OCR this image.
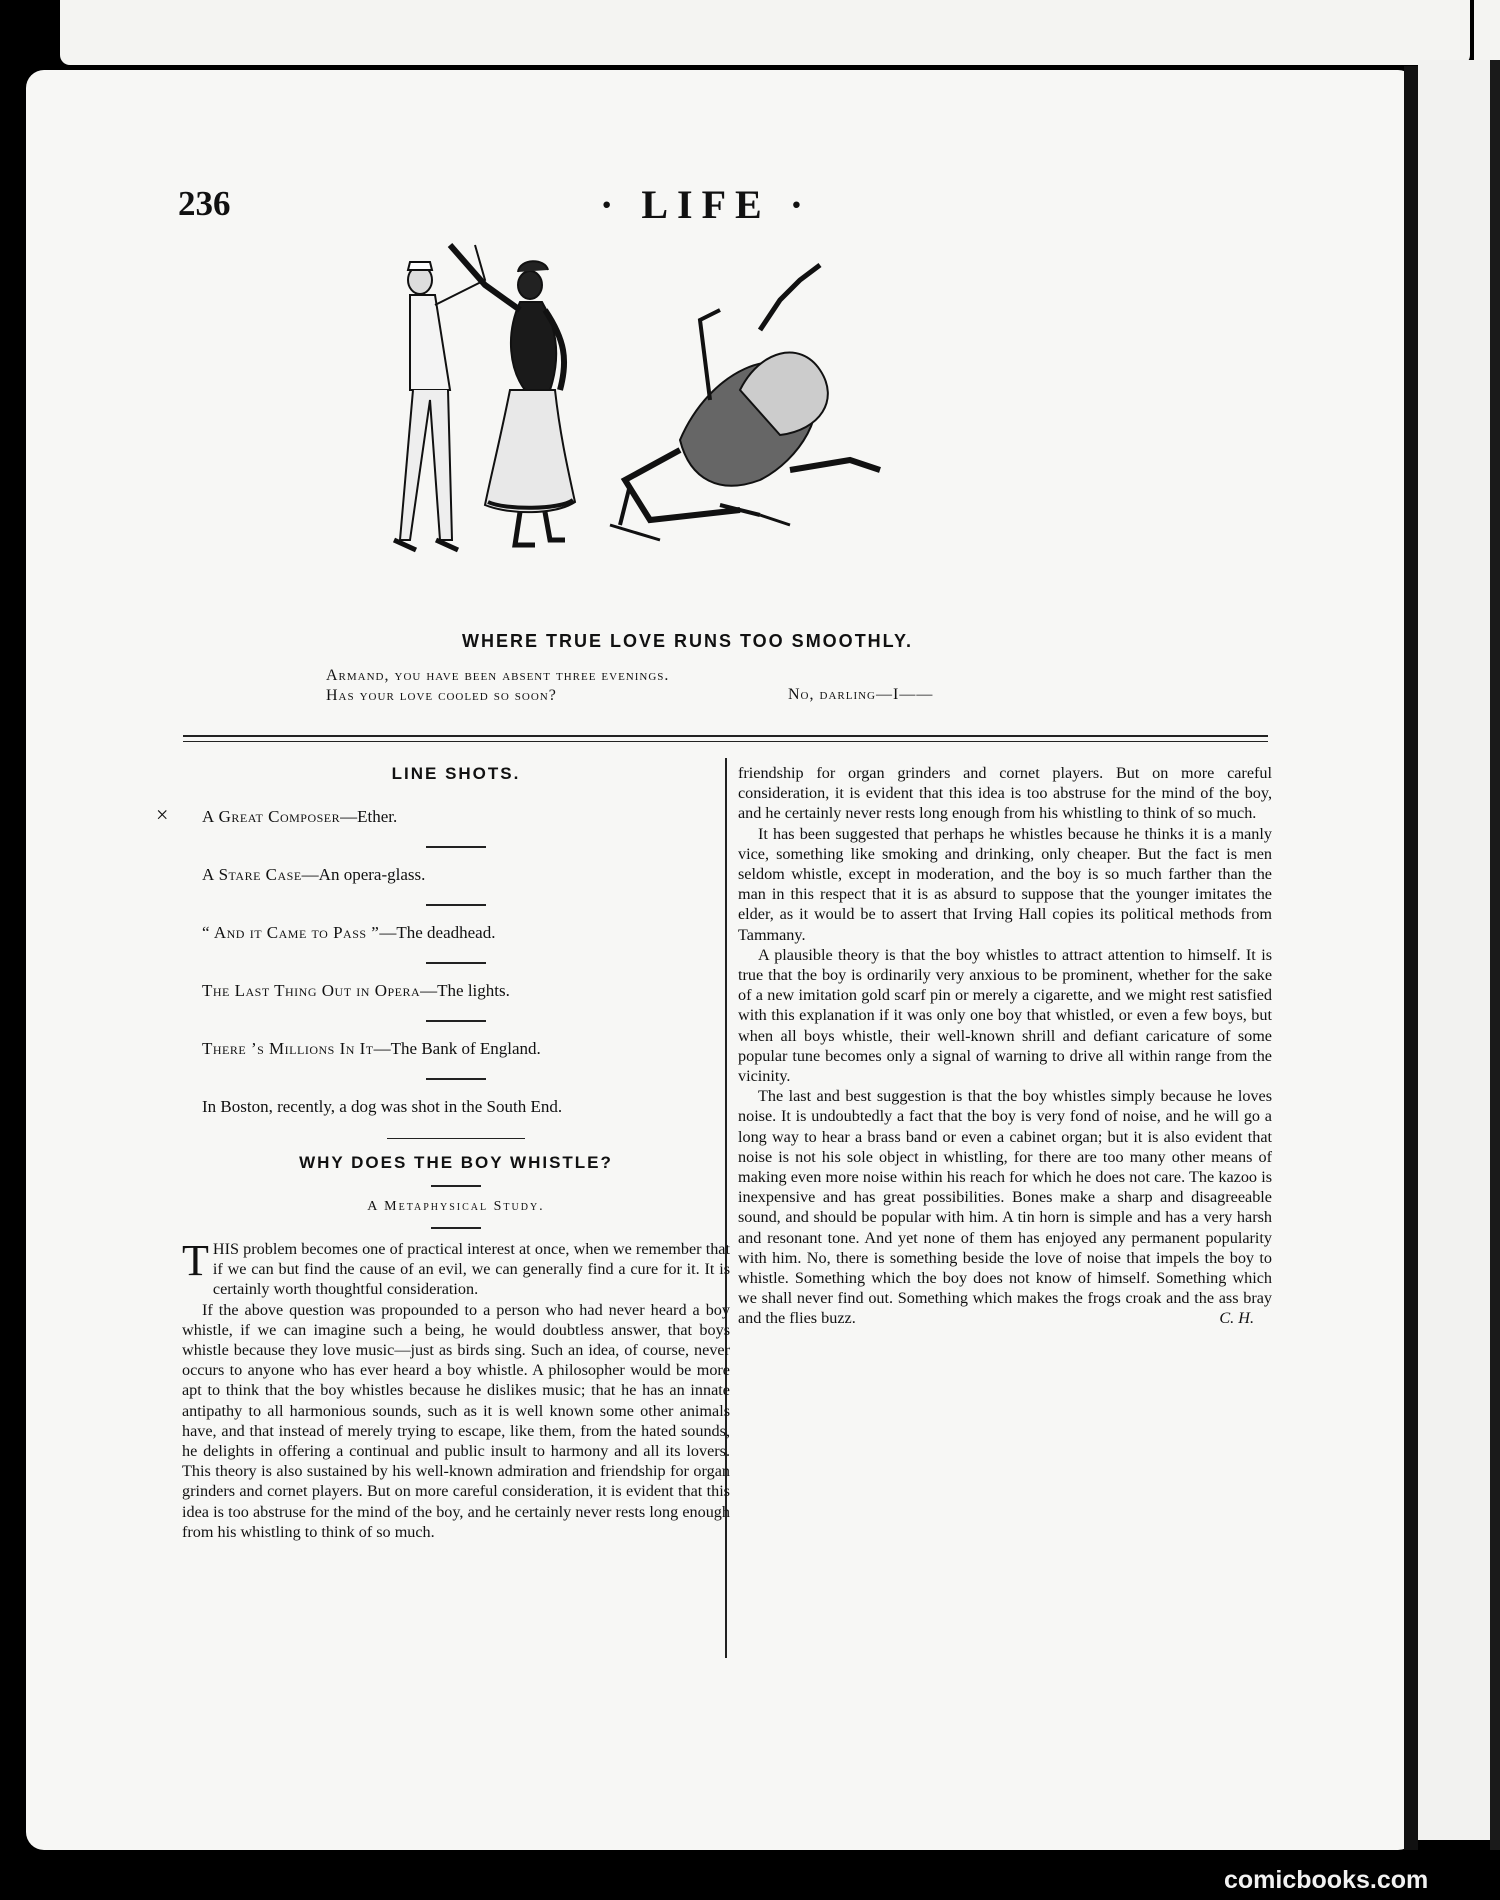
236	· LIFE ·
WHERE TRUE LOVE RUNS TOO SMOOTHLY.
Armand, you have been absent three evenings. Has your love cooled so soon?	No, darling—I——
LINE SHOTS.
×	A Great Composer—Ether.
A Stare Case—An opera-glass.
“ And it Came to Pass ”—The deadhead.
The Last Thing Out in Opera—The lights.
There ’s Millions In It—The Bank of England.
In Boston, recently, a dog was shot in the South End.
WHY DOES THE BOY WHISTLE?
A Metaphysical Study.

THIS problem becomes one of practical interest at once, when we remember that if we can but find the cause of an evil, we can generally find a cure for it. It is certainly worth thoughtful consideration.

If the above question was propounded to a person who had never heard a boy whistle, if we can imagine such a being, he would doubtless answer, that boys whistle because they love music—just as birds sing. Such an idea, of course, never occurs to anyone who has ever heard a boy whistle. A philosopher would be more apt to think that the boy whistles because he dislikes music; that he has an innate antipathy to all harmonious sounds, such as it is well known some other animals have, and that instead of merely trying to escape, like them, from the hated sounds, he delights in offering a continual and public insult to harmony and all its lovers. This theory is also sustained by his well-known admiration and friendship for organ grinders and cornet players. But on more careful consideration, it is evident that this idea is too abstruse for the mind of the boy, and he certainly never rests long enough from his whistling to think of so much.

friendship for organ grinders and cornet players. But on more careful consideration, it is evident that this idea is too abstruse for the mind of the boy, and he certainly never rests long enough from his whistling to think of so much.

It has been suggested that perhaps he whistles because he thinks it is a manly vice, something like smoking and drinking, only cheaper. But the fact is men seldom whistle, except in moderation, and the boy is so much farther than the man in this respect that it is as absurd to suppose that the younger imitates the elder, as it would be to assert that Irving Hall copies its political methods from Tammany.

A plausible theory is that the boy whistles to attract attention to himself. It is true that the boy is ordinarily very anxious to be prominent, whether for the sake of a new imitation gold scarf pin or merely a cigarette, and we might rest satisfied with this explanation if it was only one boy that whistled, or even a few boys, but when all boys whistle, their well-known shrill and defiant caricature of some popular tune becomes only a signal of warning to drive all within range from the vicinity.

The last and best suggestion is that the boy whistles simply because he loves noise. It is undoubtedly a fact that the boy is very fond of noise, and he will go a long way to hear a brass band or even a cabinet organ; but it is also evident that noise is not his sole object in whistling, for there are too many other means of making even more noise within his reach for which he does not care. The kazoo is inexpensive and has great possibilities. Bones make a sharp and disagreeable sound, and should be popular with him. A tin horn is simple and has a very harsh and resonant tone. And yet none of them has enjoyed any permanent popularity with him. No, there is something beside the love of noise that impels the boy to whistle. Something which the boy does not know of himself. Something which we shall never find out. Something which makes the frogs croak and the ass bray and the flies buzz.	C. H.

comicbooks.com
